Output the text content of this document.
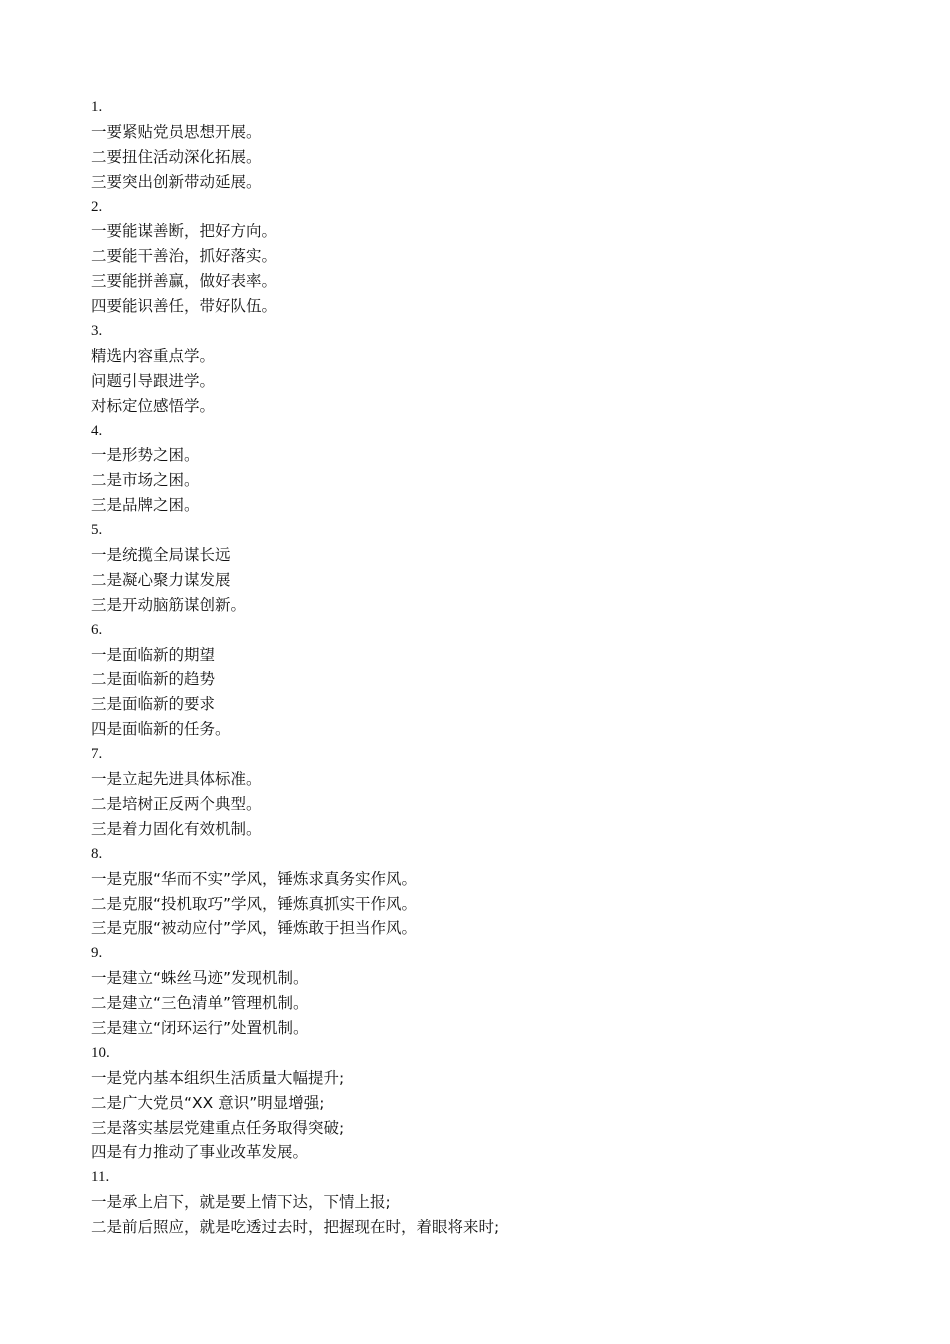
1.
一要紧贴党员思想开展。
二要扭住活动深化拓展。
三要突出创新带动延展。
2.
一要能谋善断，把好方向。
二要能干善治，抓好落实。
三要能拼善赢，做好表率。
四要能识善任，带好队伍。
3.
精选内容重点学。
问题引导跟进学。
对标定位感悟学。
4.
一是形势之困。
二是市场之困。
三是品牌之困。
5.
一是统揽全局谋长远
二是凝心聚力谋发展
三是开动脑筋谋创新。
6.
一是面临新的期望
二是面临新的趋势
三是面临新的要求
四是面临新的任务。
7.
一是立起先进具体标准。
二是培树正反两个典型。
三是着力固化有效机制。
8.
一是克服“华而不实”学风，锤炼求真务实作风。
二是克服“投机取巧”学风，锤炼真抓实干作风。
三是克服“被动应付”学风，锤炼敢于担当作风。
9.
一是建立“蛛丝马迹”发现机制。
二是建立“三色清单”管理机制。
三是建立“闭环运行”处置机制。
10.
一是党内基本组织生活质量大幅提升;
二是广大党员“XX 意识”明显增强;
三是落实基层党建重点任务取得突破;
四是有力推动了事业改革发展。
11.
一是承上启下，就是要上情下达，下情上报;
二是前后照应，就是吃透过去时，把握现在时，着眼将来时;
